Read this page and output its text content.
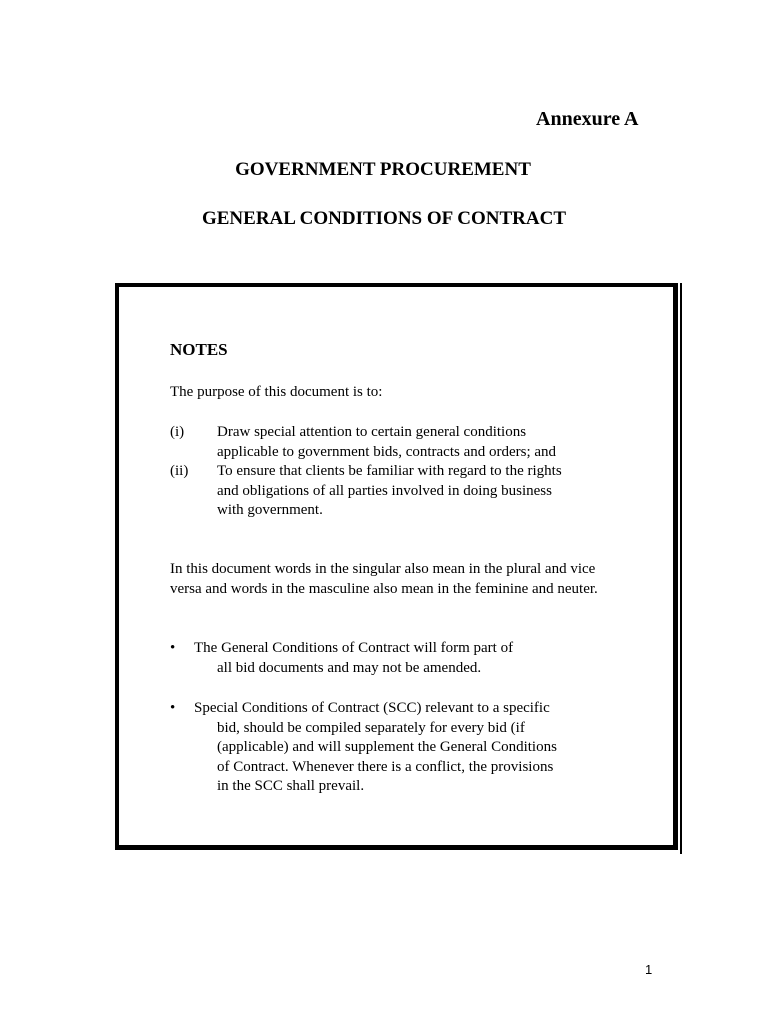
Annexure A
GOVERNMENT PROCUREMENT
GENERAL CONDITIONS OF CONTRACT
NOTES
The purpose of this document is to:
(i) Draw special attention to certain general conditions
applicable to government bids, contracts and orders; and
(ii) To ensure that clients be familiar with regard to the rights
and obligations of all parties involved in doing business
with government.
In this document words in the singular also mean in the plural and vice versa and words in the masculine also mean in the feminine and neuter.
• The General Conditions of Contract will form part of
all bid documents and may not be amended.
• Special Conditions of Contract (SCC) relevant to a specific
bid, should be compiled separately for every bid (if
(applicable) and will supplement the General Conditions
of Contract. Whenever there is a conflict, the provisions
in the SCC shall prevail.
1
